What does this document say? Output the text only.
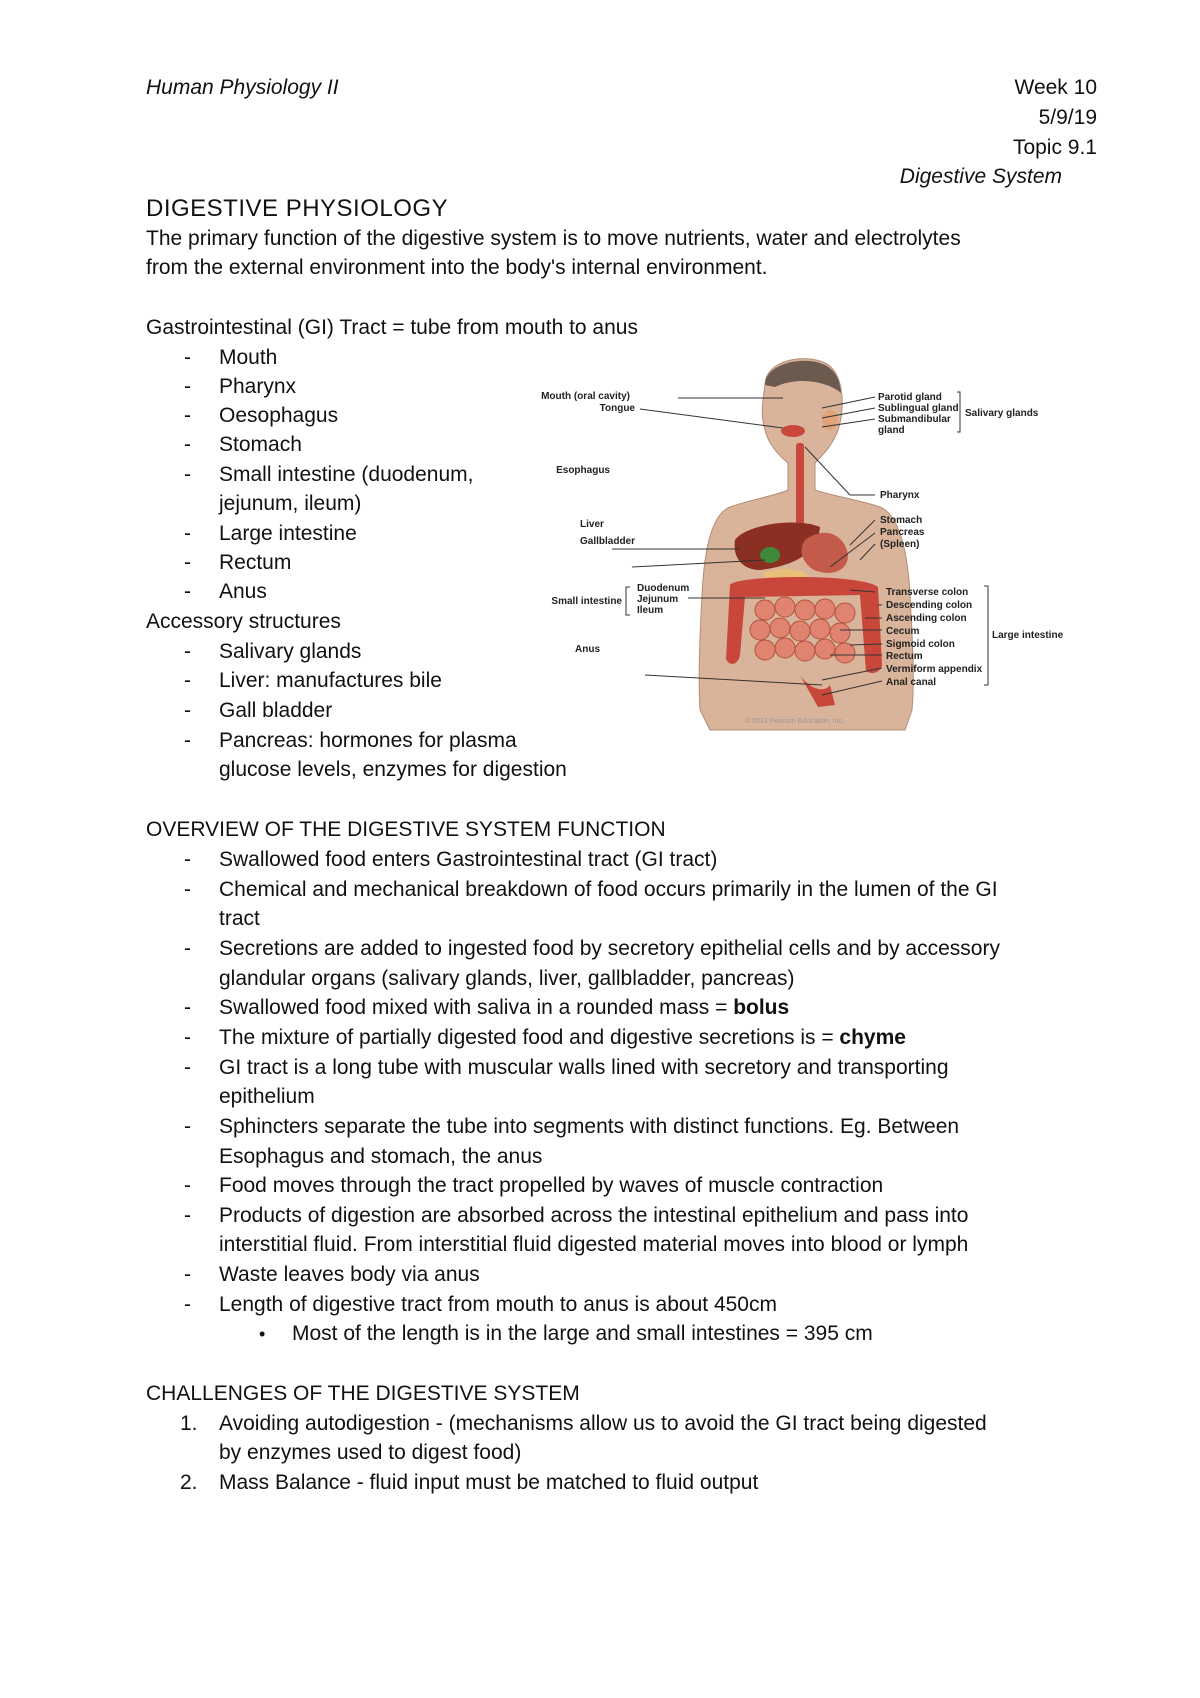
Human Physiology II	Week 10
5/9/19
Topic 9.1
Digestive System
DIGESTIVE PHYSIOLOGY
The primary function of the digestive system is to move nutrients, water and electrolytes
from the external environment into the body's internal environment.
Gastrointestinal (GI) Tract = tube from mouth to anus
- Mouth
- Pharynx
- Oesophagus
- Stomach
- Small intestine (duodenum,
jejunum, ileum)
- Large intestine
- Rectum
- Anus
Accessory structures
- Salivary glands
- Liver: manufactures bile
- Gall bladder
- Pancreas: hormones for plasma
glucose levels, enzymes for digestion
Mouth (oral cavity)
Tongue
Esophagus
Liver
Gallbladder
Small intestine
Anus
Duodenum
Jejunum
Ileum
Parotid gland
Sublingual gland
Submandibular
gland
Pharynx
Stomach
Pancreas
(Spleen)
Transverse colon
Descending colon
Ascending colon
Cecum
Sigmoid colon
Rectum
Vermiform appendix
Anal canal
Salivary glands
Large intestine
© 2013 Pearson Education, Inc.
OVERVIEW OF THE DIGESTIVE SYSTEM FUNCTION
- Swallowed food enters Gastrointestinal tract (GI tract)
- Chemical and mechanical breakdown of food occurs primarily in the lumen of the GI
tract
- Secretions are added to ingested food by secretory epithelial cells and by accessory
glandular organs (salivary glands, liver, gallbladder, pancreas)
- Swallowed food mixed with saliva in a rounded mass = bolus
- The mixture of partially digested food and digestive secretions is = chyme
- GI tract is a long tube with muscular walls lined with secretory and transporting
epithelium
- Sphincters separate the tube into segments with distinct functions. Eg. Between
Esophagus and stomach, the anus
- Food moves through the tract propelled by waves of muscle contraction
- Products of digestion are absorbed across the intestinal epithelium and pass into
interstitial fluid. From interstitial fluid digested material moves into blood or lymph
- Waste leaves body via anus
- Length of digestive tract from mouth to anus is about 450cm
• Most of the length is in the large and small intestines = 395 cm
CHALLENGES OF THE DIGESTIVE SYSTEM
1. Avoiding autodigestion - (mechanisms allow us to avoid the GI tract being digested
by enzymes used to digest food)
2. Mass Balance - fluid input must be matched to fluid output
